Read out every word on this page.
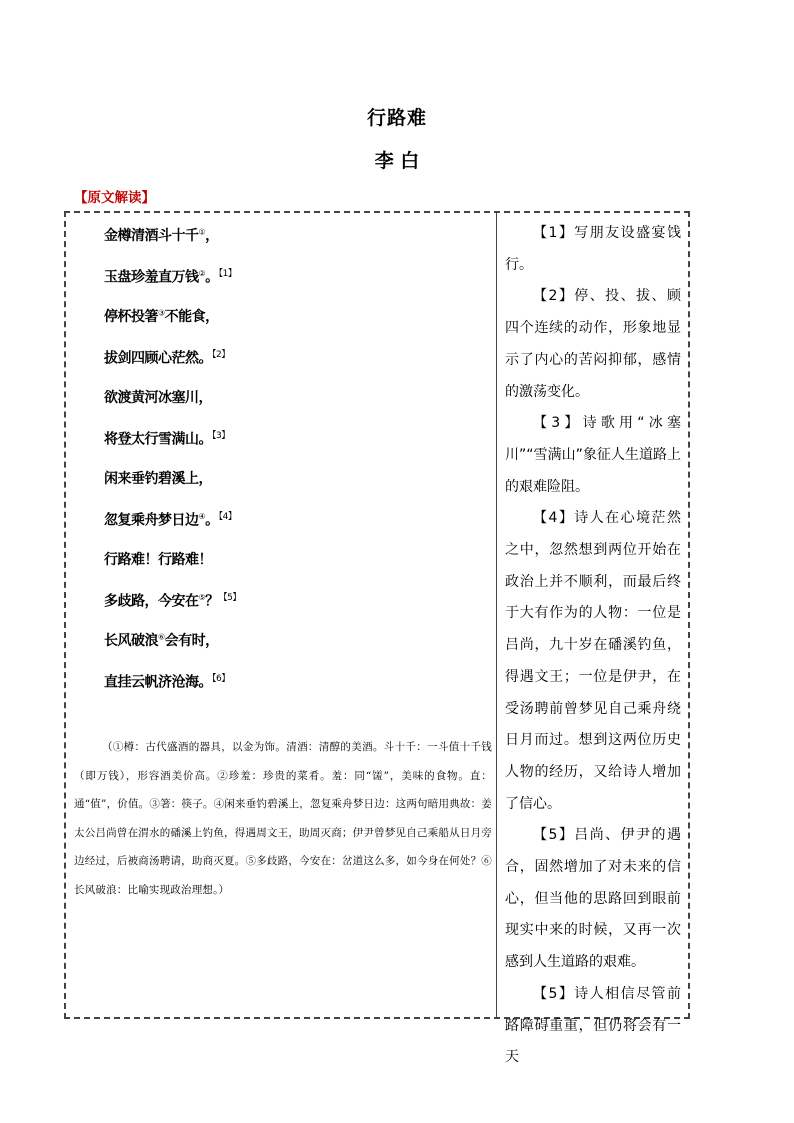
行路难
李 白
【原文解读】
金樽清酒斗十千①，
玉盘珍羞直万钱②。$^{【1】}$
停杯投箸③不能食，
拔剑四顾心茫然。$^{【2】}$
欲渡黄河冰塞川，
将登太行雪满山。$^{【3】}$
闲来垂钓碧溪上，
忽复乘舟梦日边④。$^{【4】}$
行路难！行路难！
多歧路，今安在⑤？$^{【5】}$
长风破浪⑥会有时，
直挂云帆济沧海。$^{【6】}$
（①樽：古代盛酒的器具，以金为饰。清酒：清醇的美酒。斗十千：一斗值十千钱（即万钱），形容酒美价高。②珍羞：珍贵的菜肴。羞：同“馐”，美味的食物。直：通“值”，价值。③箸：筷子。④闲来垂钓碧溪上，忽复乘舟梦日边：这两句暗用典故：姜太公吕尚曾在渭水的磻溪上钓鱼，得遇周文王，助周灭商；伊尹曾梦见自己乘船从日月旁边经过，后被商汤聘请，助商灭夏。⑤多歧路，今安在：岔道这么多，如今身在何处？⑥长风破浪：比喻实现政治理想。）

【1】写朋友设盛宴饯行。

【2】停、投、拔、顾四个连续的动作，形象地显示了内心的苦闷抑郁，感情的激荡变化。

【3】诗歌用“冰塞川”“雪满山”象征人生道路上的艰难险阻。

【4】诗人在心境茫然之中，忽然想到两位开始在政治上并不顺利，而最后终于大有作为的人物：一位是吕尚，九十岁在磻溪钓鱼，得遇文王；一位是伊尹，在受汤聘前曾梦见自己乘舟绕日月而过。想到这两位历史人物的经历，又给诗人增加了信心。

【5】吕尚、伊尹的遇合，固然增加了对未来的信心，但当他的思路回到眼前现实中来的时候，又再一次感到人生道路的艰难。

【5】诗人相信尽管前路障碍重重，但仍将会有一天
